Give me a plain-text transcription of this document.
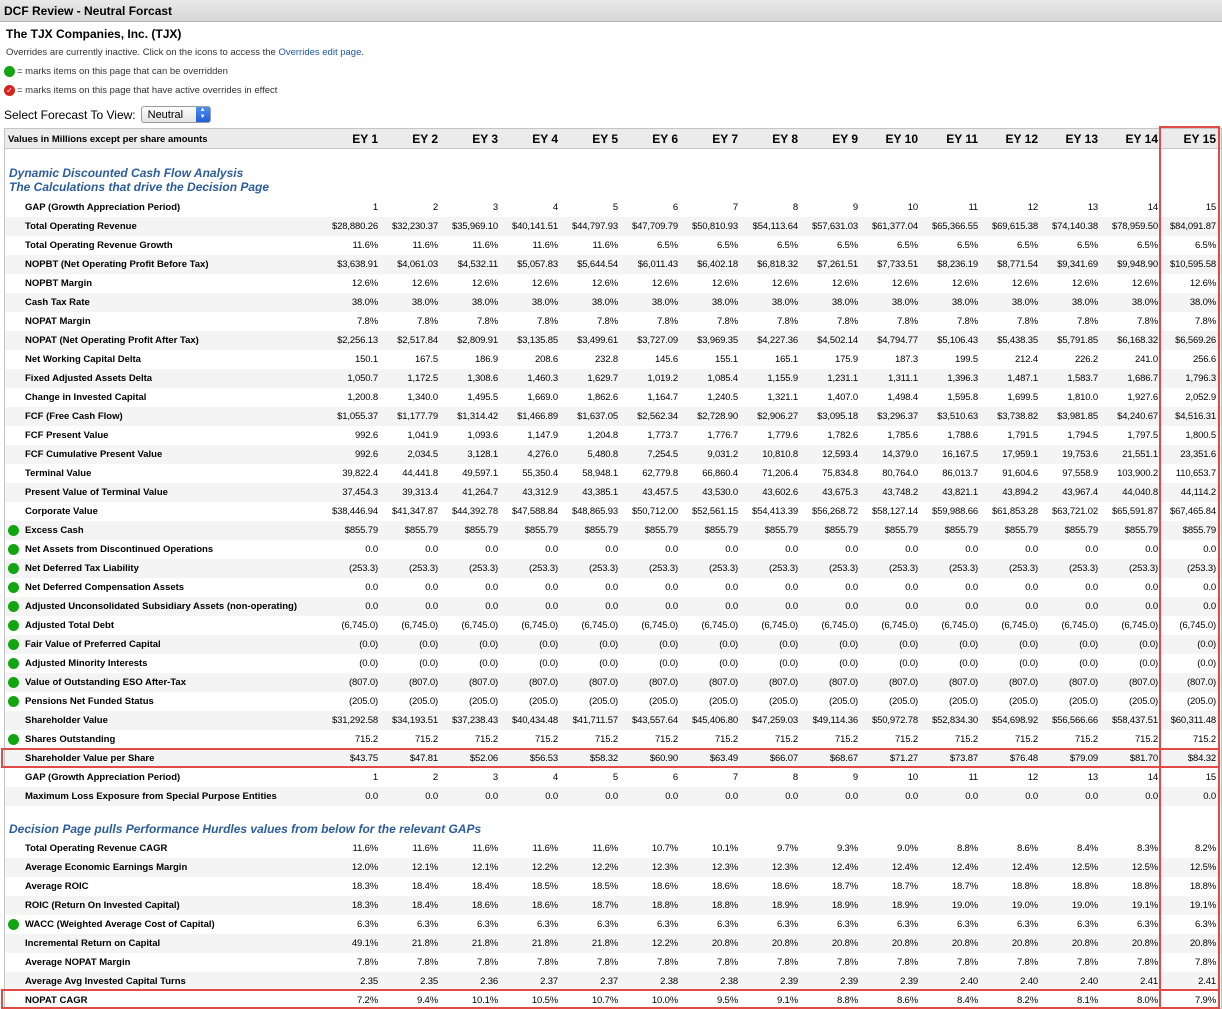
DCF Review - Neutral Forcast
The TJX Companies, Inc. (TJX)
Overrides are currently inactive. Click on the icons to access the Overrides edit page.
= marks items on this page that can be overridden
✓ = marks items on this page that have active overrides in effect
Select Forecast To View: Neutral	▲
▼
Values in Millions except per share amounts	EY 1	EY 2	EY 3	EY 4	EY 5	EY 6	EY 7	EY 8	EY 9	EY 10	EY 11	EY 12	EY 13	EY 14	EY 15
Dynamic Discounted Cash Flow Analysis
The Calculations that drive the Decision Page
Decision Page pulls Performance Hurdles values from below for the relevant GAPs
GAP (Growth Appreciation Period)	1	2	3	4	5	6	7	8	9	10	11	12	13	14	15
Total Operating Revenue	$28,880.26	$32,230.37	$35,969.10	$40,141.51	$44,797.93	$47,709.79	$50,810.93	$54,113.64	$57,631.03	$61,377.04	$65,366.55	$69,615.38	$74,140.38	$78,959.50	$84,091.87
Total Operating Revenue Growth	11.6%	11.6%	11.6%	11.6%	11.6%	6.5%	6.5%	6.5%	6.5%	6.5%	6.5%	6.5%	6.5%	6.5%	6.5%
NOPBT (Net Operating Profit Before Tax)	$3,638.91	$4,061.03	$4,532.11	$5,057.83	$5,644.54	$6,011.43	$6,402.18	$6,818.32	$7,261.51	$7,733.51	$8,236.19	$8,771.54	$9,341.69	$9,948.90	$10,595.58
NOPBT Margin	12.6%	12.6%	12.6%	12.6%	12.6%	12.6%	12.6%	12.6%	12.6%	12.6%	12.6%	12.6%	12.6%	12.6%	12.6%
Cash Tax Rate	38.0%	38.0%	38.0%	38.0%	38.0%	38.0%	38.0%	38.0%	38.0%	38.0%	38.0%	38.0%	38.0%	38.0%	38.0%
NOPAT Margin	7.8%	7.8%	7.8%	7.8%	7.8%	7.8%	7.8%	7.8%	7.8%	7.8%	7.8%	7.8%	7.8%	7.8%	7.8%
NOPAT (Net Operating Profit After Tax)	$2,256.13	$2,517.84	$2,809.91	$3,135.85	$3,499.61	$3,727.09	$3,969.35	$4,227.36	$4,502.14	$4,794.77	$5,106.43	$5,438.35	$5,791.85	$6,168.32	$6,569.26
Net Working Capital Delta	150.1	167.5	186.9	208.6	232.8	145.6	155.1	165.1	175.9	187.3	199.5	212.4	226.2	241.0	256.6
Fixed Adjusted Assets Delta	1,050.7	1,172.5	1,308.6	1,460.3	1,629.7	1,019.2	1,085.4	1,155.9	1,231.1	1,311.1	1,396.3	1,487.1	1,583.7	1,686.7	1,796.3
Change in Invested Capital	1,200.8	1,340.0	1,495.5	1,669.0	1,862.6	1,164.7	1,240.5	1,321.1	1,407.0	1,498.4	1,595.8	1,699.5	1,810.0	1,927.6	2,052.9
FCF (Free Cash Flow)	$1,055.37	$1,177.79	$1,314.42	$1,466.89	$1,637.05	$2,562.34	$2,728.90	$2,906.27	$3,095.18	$3,296.37	$3,510.63	$3,738.82	$3,981.85	$4,240.67	$4,516.31
FCF Present Value	992.6	1,041.9	1,093.6	1,147.9	1,204.8	1,773.7	1,776.7	1,779.6	1,782.6	1,785.6	1,788.6	1,791.5	1,794.5	1,797.5	1,800.5
FCF Cumulative Present Value	992.6	2,034.5	3,128.1	4,276.0	5,480.8	7,254.5	9,031.2	10,810.8	12,593.4	14,379.0	16,167.5	17,959.1	19,753.6	21,551.1	23,351.6
Terminal Value	39,822.4	44,441.8	49,597.1	55,350.4	58,948.1	62,779.8	66,860.4	71,206.4	75,834.8	80,764.0	86,013.7	91,604.6	97,558.9	103,900.2	110,653.7
Present Value of Terminal Value	37,454.3	39,313.4	41,264.7	43,312.9	43,385.1	43,457.5	43,530.0	43,602.6	43,675.3	43,748.2	43,821.1	43,894.2	43,967.4	44,040.8	44,114.2
Corporate Value	$38,446.94	$41,347.87	$44,392.78	$47,588.84	$48,865.93	$50,712.00	$52,561.15	$54,413.39	$56,268.72	$58,127.14	$59,988.66	$61,853.28	$63,721.02	$65,591.87	$67,465.84
Excess Cash	$855.79	$855.79	$855.79	$855.79	$855.79	$855.79	$855.79	$855.79	$855.79	$855.79	$855.79	$855.79	$855.79	$855.79	$855.79
Net Assets from Discontinued Operations	0.0	0.0	0.0	0.0	0.0	0.0	0.0	0.0	0.0	0.0	0.0	0.0	0.0	0.0	0.0
Net Deferred Tax Liability	(253.3)	(253.3)	(253.3)	(253.3)	(253.3)	(253.3)	(253.3)	(253.3)	(253.3)	(253.3)	(253.3)	(253.3)	(253.3)	(253.3)	(253.3)
Net Deferred Compensation Assets	0.0	0.0	0.0	0.0	0.0	0.0	0.0	0.0	0.0	0.0	0.0	0.0	0.0	0.0	0.0
Adjusted Unconsolidated Subsidiary Assets (non-operating)	0.0	0.0	0.0	0.0	0.0	0.0	0.0	0.0	0.0	0.0	0.0	0.0	0.0	0.0	0.0
Adjusted Total Debt	(6,745.0)	(6,745.0)	(6,745.0)	(6,745.0)	(6,745.0)	(6,745.0)	(6,745.0)	(6,745.0)	(6,745.0)	(6,745.0)	(6,745.0)	(6,745.0)	(6,745.0)	(6,745.0)	(6,745.0)
Fair Value of Preferred Capital	(0.0)	(0.0)	(0.0)	(0.0)	(0.0)	(0.0)	(0.0)	(0.0)	(0.0)	(0.0)	(0.0)	(0.0)	(0.0)	(0.0)	(0.0)
Adjusted Minority Interests	(0.0)	(0.0)	(0.0)	(0.0)	(0.0)	(0.0)	(0.0)	(0.0)	(0.0)	(0.0)	(0.0)	(0.0)	(0.0)	(0.0)	(0.0)
Value of Outstanding ESO After-Tax	(807.0)	(807.0)	(807.0)	(807.0)	(807.0)	(807.0)	(807.0)	(807.0)	(807.0)	(807.0)	(807.0)	(807.0)	(807.0)	(807.0)	(807.0)
Pensions Net Funded Status	(205.0)	(205.0)	(205.0)	(205.0)	(205.0)	(205.0)	(205.0)	(205.0)	(205.0)	(205.0)	(205.0)	(205.0)	(205.0)	(205.0)	(205.0)
Shareholder Value	$31,292.58	$34,193.51	$37,238.43	$40,434.48	$41,711.57	$43,557.64	$45,406.80	$47,259.03	$49,114.36	$50,972.78	$52,834.30	$54,698.92	$56,566.66	$58,437.51	$60,311.48
Shares Outstanding	715.2	715.2	715.2	715.2	715.2	715.2	715.2	715.2	715.2	715.2	715.2	715.2	715.2	715.2	715.2
Shareholder Value per Share	$43.75	$47.81	$52.06	$56.53	$58.32	$60.90	$63.49	$66.07	$68.67	$71.27	$73.87	$76.48	$79.09	$81.70	$84.32
GAP (Growth Appreciation Period)	1	2	3	4	5	6	7	8	9	10	11	12	13	14	15
Maximum Loss Exposure from Special Purpose Entities	0.0	0.0	0.0	0.0	0.0	0.0	0.0	0.0	0.0	0.0	0.0	0.0	0.0	0.0	0.0
Total Operating Revenue CAGR	11.6%	11.6%	11.6%	11.6%	11.6%	10.7%	10.1%	9.7%	9.3%	9.0%	8.8%	8.6%	8.4%	8.3%	8.2%
Average Economic Earnings Margin	12.0%	12.1%	12.1%	12.2%	12.2%	12.3%	12.3%	12.3%	12.4%	12.4%	12.4%	12.4%	12.5%	12.5%	12.5%
Average ROIC	18.3%	18.4%	18.4%	18.5%	18.5%	18.6%	18.6%	18.6%	18.7%	18.7%	18.7%	18.8%	18.8%	18.8%	18.8%
ROIC (Return On Invested Capital)	18.3%	18.4%	18.6%	18.6%	18.7%	18.8%	18.8%	18.9%	18.9%	18.9%	19.0%	19.0%	19.0%	19.1%	19.1%
WACC (Weighted Average Cost of Capital)	6.3%	6.3%	6.3%	6.3%	6.3%	6.3%	6.3%	6.3%	6.3%	6.3%	6.3%	6.3%	6.3%	6.3%	6.3%
Incremental Return on Capital	49.1%	21.8%	21.8%	21.8%	21.8%	12.2%	20.8%	20.8%	20.8%	20.8%	20.8%	20.8%	20.8%	20.8%	20.8%
Average NOPAT Margin	7.8%	7.8%	7.8%	7.8%	7.8%	7.8%	7.8%	7.8%	7.8%	7.8%	7.8%	7.8%	7.8%	7.8%	7.8%
Average Avg Invested Capital Turns	2.35	2.35	2.36	2.37	2.37	2.38	2.38	2.39	2.39	2.39	2.40	2.40	2.40	2.41	2.41
NOPAT CAGR	7.2%	9.4%	10.1%	10.5%	10.7%	10.0%	9.5%	9.1%	8.8%	8.6%	8.4%	8.2%	8.1%	8.0%	7.9%
